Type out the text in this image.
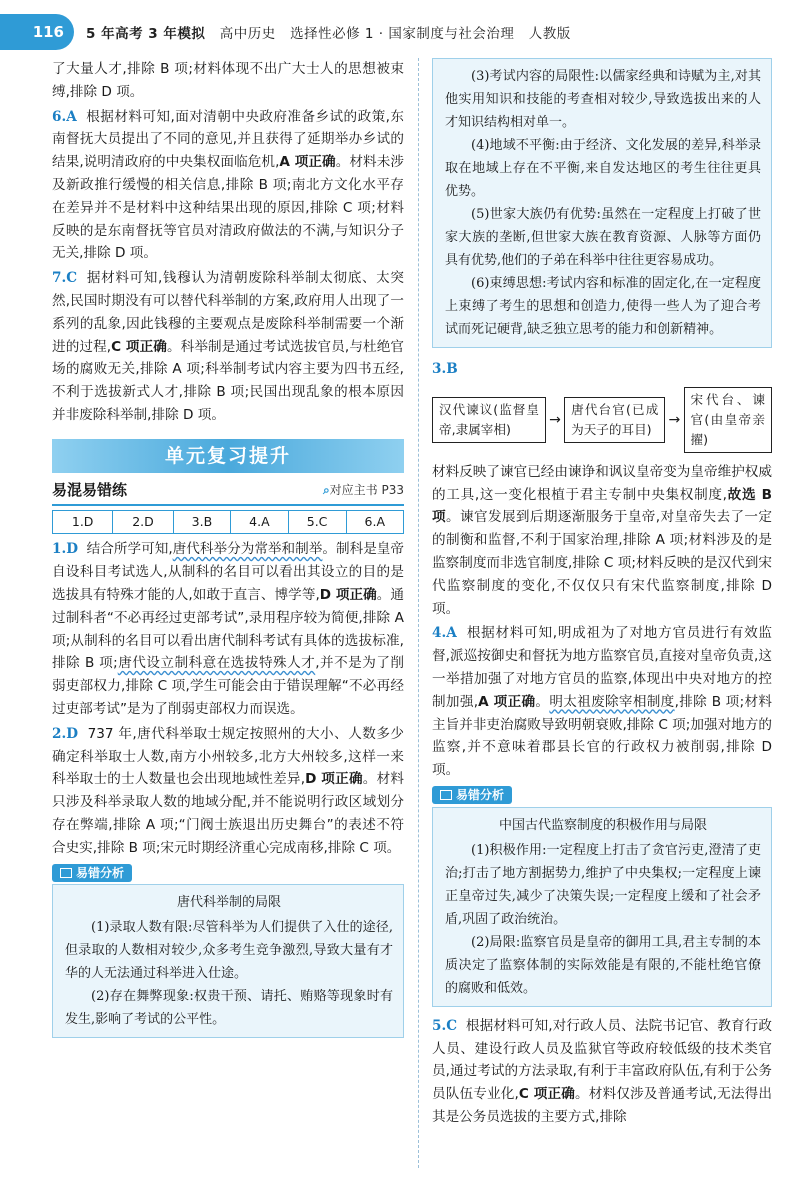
116 5 年高考 3 年模拟 高中历史 选择性必修 1 · 国家制度与社会治理 人教版

了大量人才,排除 B 项;材料体现不出广大士人的思想被束缚,排除 D 项。

6.A 根据材料可知,面对清朝中央政府准备乡试的政策,东南督抚大员提出了不同的意见,并且获得了延期举办乡试的结果,说明清政府的中央集权面临危机,A 项正确。材料未涉及新政推行缓慢的相关信息,排除 B 项;南北方文化水平存在差异并不是材料中这种结果出现的原因,排除 C 项;材料反映的是东南督抚等官员对清政府做法的不满,与知识分子无关,排除 D 项。

7.C 据材料可知,钱穆认为清朝废除科举制太彻底、太突然,民国时期没有可以替代科举制的方案,政府用人出现了一系列的乱象,因此钱穆的主要观点是废除科举制需要一个渐进的过程,C 项正确。科举制是通过考试选拔官员,与杜绝官场的腐败无关,排除 A 项;科举制考试内容主要为四书五经,不利于选拔新式人才,排除 B 项;民国出现乱象的根本原因并非废除科举制,排除 D 项。

单元复习提升
易混易错练	⌕对应主书 P33
1.D	2.D	3.B	4.A	5.C	6.A

1.D 结合所学可知,唐代科举分为常举和制举。制科是皇帝自设科目考试选人,从制科的名目可以看出其设立的目的是选拔具有特殊才能的人,如敢于直言、博学等,D 项正确。通过制科者“不必再经过吏部考试”,录用程序较为简便,排除 A 项;从制科的名目可以看出唐代制科考试有具体的选拔标准,排除 B 项;唐代设立制科意在选拔特殊人才,并不是为了削弱吏部权力,排除 C 项,学生可能会由于错误理解“不必再经过吏部考试”是为了削弱吏部权力而误选。

2.D 737 年,唐代科举取士规定按照州的大小、人数多少确定科举取士人数,南方小州较多,北方大州较多,这样一来科举取士的士人数量也会出现地域性差异,D 项正确。材料只涉及科举录取人数的地域分配,并不能说明行政区域划分存在弊端,排除 A 项;“门阀士族退出历史舞台”的表述不符合史实,排除 B 项;宋元时期经济重心完成南移,排除 C 项。

易错分析

唐代科举制的局限

(1)录取人数有限:尽管科举为人们提供了入仕的途径,但录取的人数相对较少,众多考生竞争激烈,导致大量有才华的人无法通过科举进入仕途。

(2)存在舞弊现象:权贵干预、请托、贿赂等现象时有发生,影响了考试的公平性。

(3)考试内容的局限性:以儒家经典和诗赋为主,对其他实用知识和技能的考查相对较少,导致选拔出来的人才知识结构相对单一。

(4)地域不平衡:由于经济、文化发展的差异,科举录取在地域上存在不平衡,来自发达地区的考生往往更具优势。

(5)世家大族仍有优势:虽然在一定程度上打破了世家大族的垄断,但世家大族在教育资源、人脉等方面仍具有优势,他们的子弟在科举中往往更容易成功。

(6)束缚思想:考试内容和标准的固定化,在一定程度上束缚了考生的思想和创造力,使得一些人为了迎合考试而死记硬背,缺乏独立思考的能力和创新精神。

3.B

汉代谏议(监督皇帝,隶属宰相)
→
唐代台官(已成为天子的耳目)
→
宋代台、谏官(由皇帝亲擢)

材料反映了谏官已经由谏诤和讽议皇帝变为皇帝维护权威的工具,这一变化根植于君主专制中央集权制度,故选 B 项。谏官发展到后期逐渐服务于皇帝,对皇帝失去了一定的制衡和监督,不利于国家治理,排除 A 项;材料涉及的是监察制度而非选官制度,排除 C 项;材料反映的是汉代到宋代监察制度的变化,不仅仅只有宋代监察制度,排除 D 项。

4.A 根据材料可知,明成祖为了对地方官员进行有效监督,派巡按御史和督抚为地方监察官员,直接对皇帝负责,这一举措加强了对地方官员的监察,体现出中央对地方的控制加强,A 项正确。明太祖废除宰相制度,排除 B 项;材料主旨并非吏治腐败导致明朝衰败,排除 C 项;加强对地方的监察,并不意味着郡县长官的行政权力被削弱,排除 D 项。

易错分析

中国古代监察制度的积极作用与局限

(1)积极作用:一定程度上打击了贪官污吏,澄清了吏治;打击了地方割据势力,维护了中央集权;一定程度上谏正皇帝过失,减少了决策失误;一定程度上缓和了社会矛盾,巩固了政治统治。

(2)局限:监察官员是皇帝的御用工具,君主专制的本质决定了监察体制的实际效能是有限的,不能杜绝官僚的腐败和低效。

5.C 根据材料可知,对行政人员、法院书记官、教育行政人员、建设行政人员及监狱官等政府较低级的技术类官员,通过考试的方法录取,有利于丰富政府队伍,有利于公务员队伍专业化,C 项正确。材料仅涉及普通考试,无法得出其是公务员选拔的主要方式,排除
